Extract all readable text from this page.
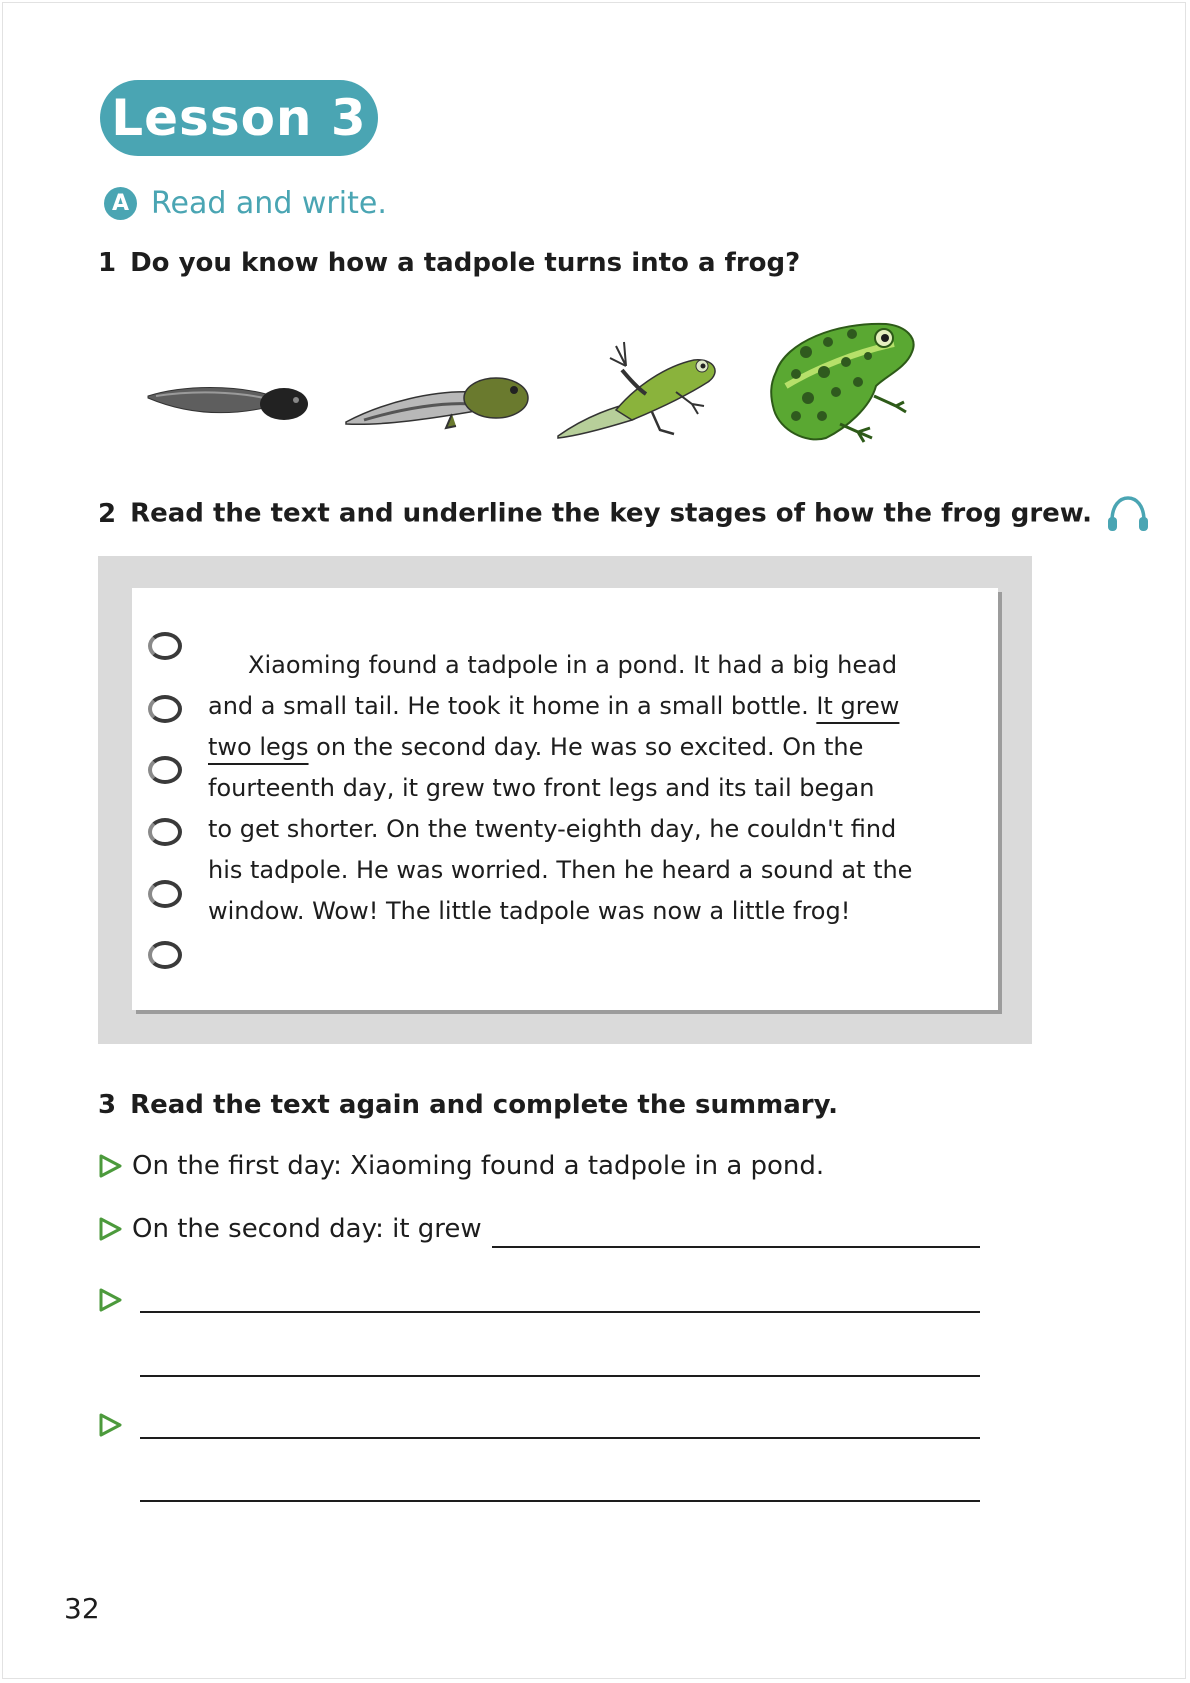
Lesson 3
A Read and write.
1 Do you know how a tadpole turns into a frog?
2 Read the text and underline the key stages of how the frog grew.
Xiaoming found a tadpole in a pond. It had a big head
and a small tail. He took it home in a small bottle. It grew
two legs on the second day. He was so excited. On the
fourteenth day, it grew two front legs and its tail began
to get shorter. On the twenty-eighth day, he couldn't find
his tadpole. He was worried. Then he heard a sound at the
window. Wow! The little tadpole was now a little frog!
3 Read the text again and complete the summary.
On the first day: Xiaoming found a tadpole in a pond.
On the second day: it grew
32
